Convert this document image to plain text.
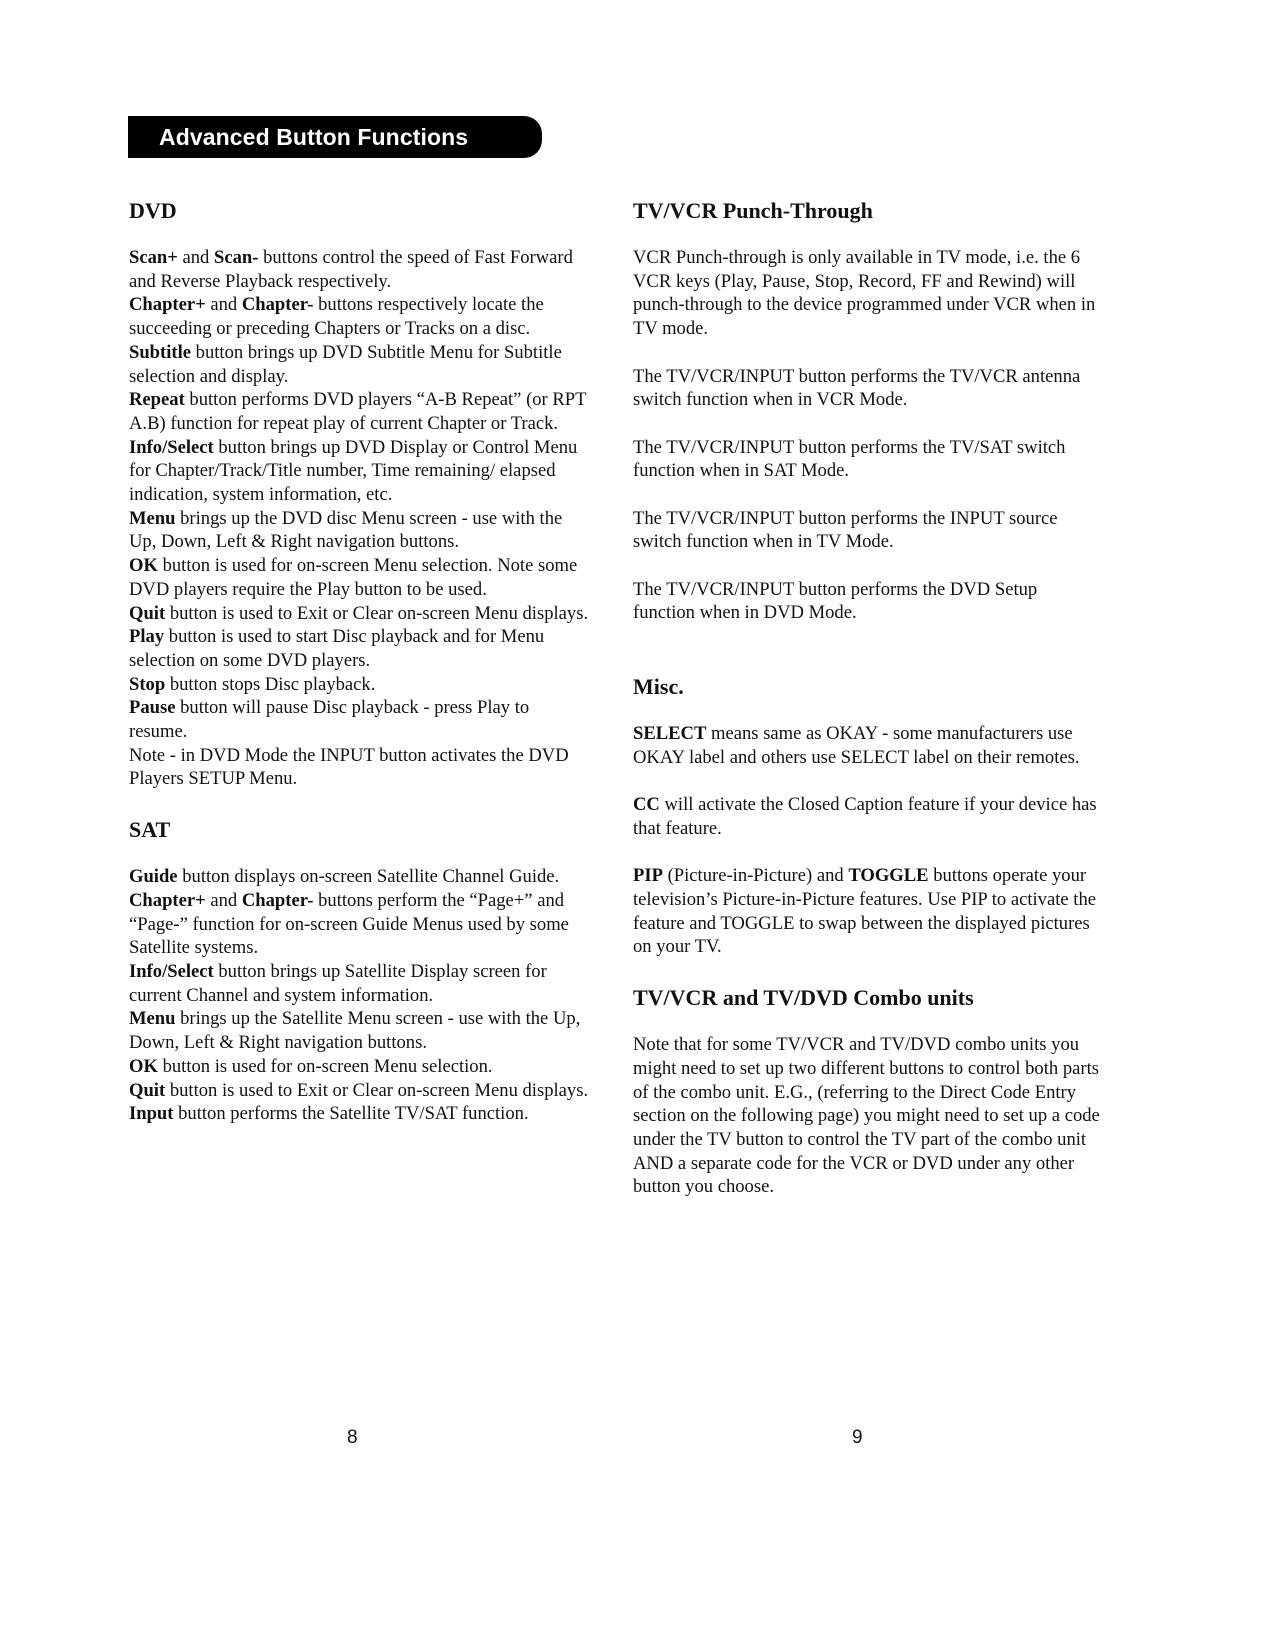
Advanced Button Functions
DVD

Scan+ and Scan- buttons control the speed of Fast Forward and Reverse Playback respectively.

Chapter+ and Chapter- buttons respectively locate the succeeding or preceding Chapters or Tracks on a disc.

Subtitle button brings up DVD Subtitle Menu for Subtitle selection and display.

Repeat button performs DVD players “A-B Repeat” (or RPT A.B) function for repeat play of current Chapter or Track.

Info/Select button brings up DVD Display or Control Menu for Chapter/Track/Title number, Time remaining/ elapsed indication, system information, etc.

Menu brings up the DVD disc Menu screen - use with the Up, Down, Left & Right navigation buttons.

OK button is used for on-screen Menu selection. Note some DVD players require the Play button to be used.

Quit button is used to Exit or Clear on-screen Menu displays.

Play button is used to start Disc playback and for Menu selection on some DVD players.

Stop button stops Disc playback.

Pause button will pause Disc playback - press Play to resume.

Note - in DVD Mode the INPUT button activates the DVD Players SETUP Menu.

SAT

Guide button displays on-screen Satellite Channel Guide.

Chapter+ and Chapter- buttons perform the “Page+” and “Page-” function for on-screen Guide Menus used by some Satellite systems.

Info/Select button brings up Satellite Display screen for current Channel and system information.

Menu brings up the Satellite Menu screen - use with the Up, Down, Left & Right navigation buttons.

OK button is used for on-screen Menu selection.

Quit button is used to Exit or Clear on-screen Menu displays.

Input button performs the Satellite TV/SAT function.

TV/VCR Punch-Through

VCR Punch-through is only available in TV mode, i.e. the 6 VCR keys (Play, Pause, Stop, Record, FF and Rewind) will punch-through to the device programmed under VCR when in TV mode.

The TV/VCR/INPUT button performs the TV/VCR antenna switch function when in VCR Mode.

The TV/VCR/INPUT button performs the TV/SAT switch function when in SAT Mode.

The TV/VCR/INPUT button performs the INPUT source switch function when in TV Mode.

The TV/VCR/INPUT button performs the DVD Setup function when in DVD Mode.

Misc.

SELECT means same as OKAY - some manufacturers use OKAY label and others use SELECT label on their remotes.

CC will activate the Closed Caption feature if your device has that feature.

PIP (Picture-in-Picture) and TOGGLE buttons operate your television’s Picture-in-Picture features. Use PIP to activate the feature and TOGGLE to swap between the displayed pictures on your TV.

TV/VCR and TV/DVD Combo units

Note that for some TV/VCR and TV/DVD combo units you might need to set up two different buttons to control both parts of the combo unit. E.G., (referring to the Direct Code Entry section on the following page) you might need to set up a code under the TV button to control the TV part of the combo unit AND a separate code for the VCR or DVD under any other button you choose.

8	9
